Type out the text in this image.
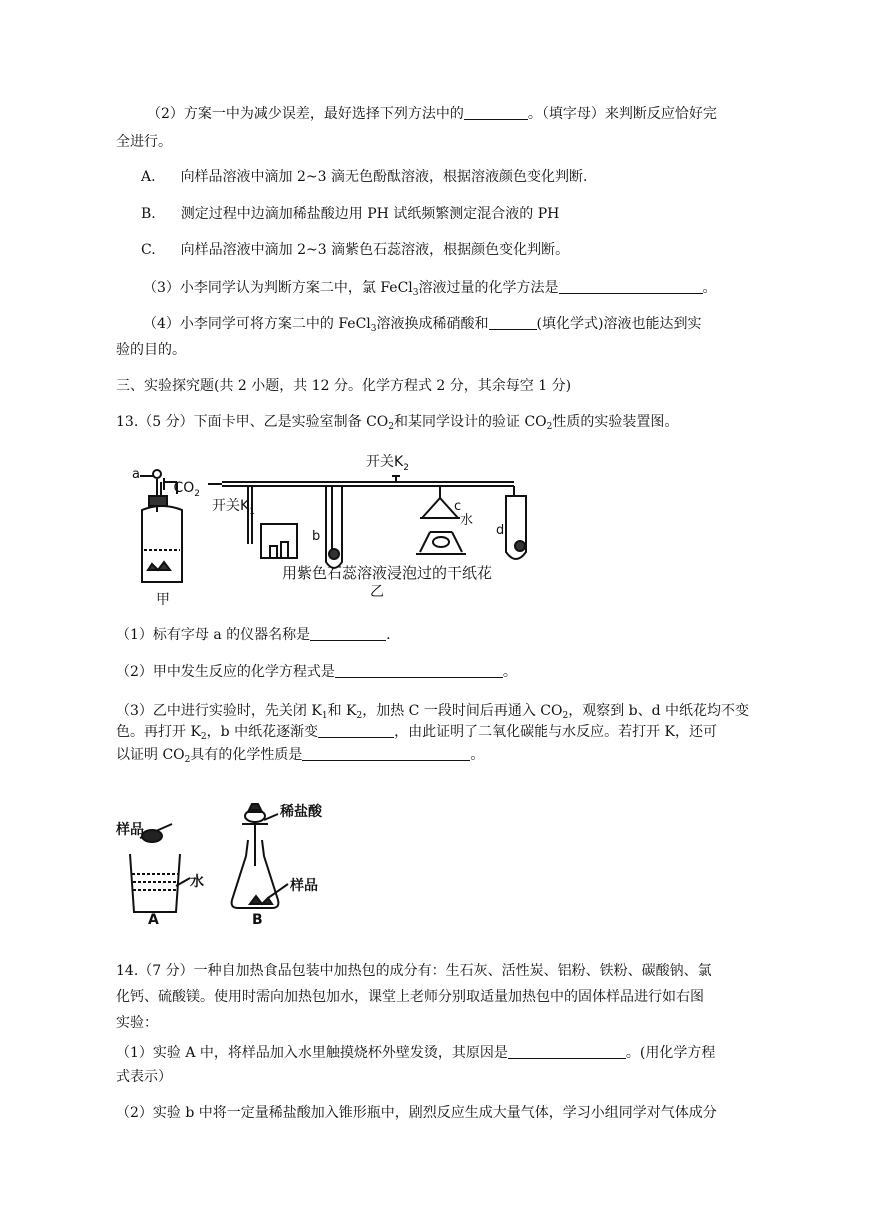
（2）方案一中为减少误差，最好选择下列方法中的	。（填字母）来判断反应恰好完
全进行。
A. 向样品溶液中滴加 2~3 滴无色酚酞溶液，根据溶液颜色变化判断.
B. 测定过程中边滴加稀盐酸边用 PH 试纸频繁测定混合液的 PH
C. 向样品溶液中滴加 2~3 滴紫色石蕊溶液，根据颜色变化判断。
（3）小李同学认为判断方案二中，氯 FeCl$_3$溶液过量的化学方法是	。
（4）小李同学可将方案二中的 FeCl$_3$溶液换成稀硝酸和	(填化学式)溶液也能达到实
验的目的。
三、实验探究题(共 2 小题，共 12 分。化学方程式 2 分，其余每空 1 分)
13.（5 分）下面卡甲、乙是实验室制备 $CO_2$和某同学设计的验证 $CO_2$性质的实验装置图。
a
$CO_2$
开关$K_1$
开关$K_2$
b
c
水
d
用紫色石蕊溶液浸泡过的干纸花
甲	乙
（1）标有字母 a 的仪器名称是	.
（2）甲中发生反应的化学方程式是	。
（3）乙中进行实验时，先关闭 $K_1$和 $K_2$，加热 C 一段时间后再通入 $CO_2$，观察到 b、d 中纸花均不变
色。再打开 $K_2$，b 中纸花逐渐变	，由此证明了二氧化碳能与水反应。若打开 K，还可
以证明 $CO_2$具有的化学性质是	。
样品
水
A
稀盐酸
样品
B
14.（7 分）一种自加热食品包装中加热包的成分有：生石灰、活性炭、铝粉、铁粉、碳酸钠、氯
化钙、硫酸镁。使用时需向加热包加水，课堂上老师分别取适量加热包中的固体样品进行如右图
实验：
（1）实验 A 中，将样品加入水里触摸烧杯外壁发烫，其原因是	。(用化学方程
式表示）
（2）实验 b 中将一定量稀盐酸加入锥形瓶中，剧烈反应生成大量气体，学习小组同学对气体成分
